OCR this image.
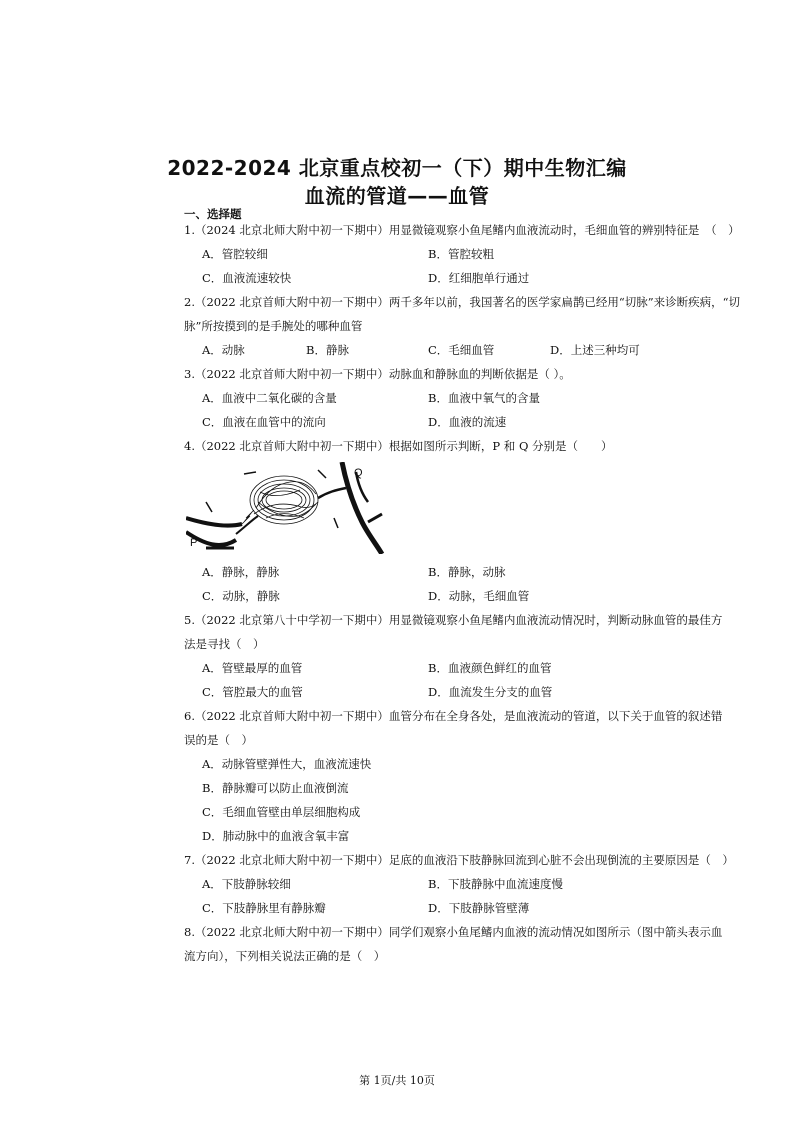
2022-2024 北京重点校初一（下）期中生物汇编
血流的管道——血管
一、选择题
1.（2024 北京北师大附中初一下期中）用显微镜观察小鱼尾鳍内血液流动时，毛细血管的辨别特征是　（　）
A．管腔较细	B．管腔较粗
C．血液流速较快	D．红细胞单行通过
2.（2022 北京首师大附中初一下期中）两千多年以前，我国著名的医学家扁鹊已经用“切脉”来诊断疾病，“切
脉”所按摸到的是手腕处的哪种血管
A．动脉	B．静脉	C．毛细血管	D．上述三种均可
3.（2022 北京首师大附中初一下期中）动脉血和静脉血的判断依据是（ ）。
A．血液中二氧化碳的含量	B．血液中氧气的含量
C．血液在血管中的流向	D．血液的流速
4.（2022 北京首师大附中初一下期中）根据如图所示判断，P 和 Q 分别是（　　）
P
Q
A．静脉，静脉	B．静脉，动脉
C．动脉，静脉	D．动脉，毛细血管
5.（2022 北京第八十中学初一下期中）用显微镜观察小鱼尾鳍内血液流动情况时，判断动脉血管的最佳方
法是寻找（　）
A．管壁最厚的血管	B．血液颜色鲜红的血管
C．管腔最大的血管	D．血流发生分支的血管
6.（2022 北京首师大附中初一下期中）血管分布在全身各处，是血液流动的管道，以下关于血管的叙述错
误的是（　）
A．动脉管壁弹性大，血液流速快
B．静脉瓣可以防止血液倒流
C．毛细血管壁由单层细胞构成
D．肺动脉中的血液含氧丰富
7.（2022 北京北师大附中初一下期中）足底的血液沿下肢静脉回流到心脏不会出现倒流的主要原因是（　）
A．下肢静脉较细	B．下肢静脉中血流速度慢
C．下肢静脉里有静脉瓣	D．下肢静脉管壁薄
8.（2022 北京北师大附中初一下期中）同学们观察小鱼尾鳍内血液的流动情况如图所示（图中箭头表示血
流方向），下列相关说法正确的是（　）
第 1页/共 10页
